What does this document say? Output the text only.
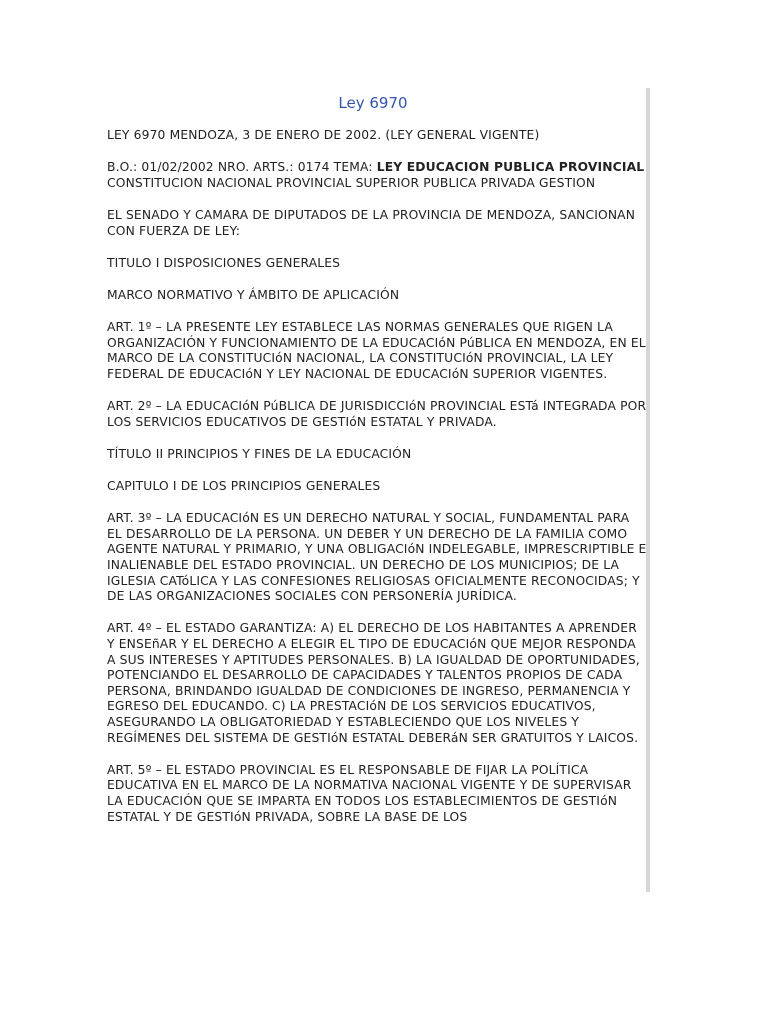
Ley 6970

LEY 6970 MENDOZA, 3 DE ENERO DE 2002. (LEY GENERAL VIGENTE)

B.O.: 01/02/2002 NRO. ARTS.: 0174 TEMA: LEY EDUCACION PUBLICA PROVINCIAL CONSTITUCION NACIONAL PROVINCIAL SUPERIOR PUBLICA PRIVADA GESTION

EL SENADO Y CAMARA DE DIPUTADOS DE LA PROVINCIA DE MENDOZA, SANCIONAN CON FUERZA DE LEY:

TITULO I DISPOSICIONES GENERALES

MARCO NORMATIVO Y ÁMBITO DE APLICACIÓN

ART. 1º – LA PRESENTE LEY ESTABLECE LAS NORMAS GENERALES QUE RIGEN LA ORGANIZACIÓN Y FUNCIONAMIENTO DE LA EDUCACIóN PúBLICA EN MENDOZA, EN EL MARCO DE LA CONSTITUCIóN NACIONAL, LA CONSTITUCIóN PROVINCIAL, LA LEY FEDERAL DE EDUCACIóN Y LEY NACIONAL DE EDUCACIóN SUPERIOR VIGENTES.

ART. 2º – LA EDUCACIóN PúBLICA DE JURISDICCIóN PROVINCIAL ESTá INTEGRADA POR LOS SERVICIOS EDUCATIVOS DE GESTIóN ESTATAL Y PRIVADA.

TÍTULO II PRINCIPIOS Y FINES DE LA EDUCACIÓN

CAPITULO I DE LOS PRINCIPIOS GENERALES

ART. 3º – LA EDUCACIóN ES UN DERECHO NATURAL Y SOCIAL, FUNDAMENTAL PARA EL DESARROLLO DE LA PERSONA. UN DEBER Y UN DERECHO DE LA FAMILIA COMO AGENTE NATURAL Y PRIMARIO, Y UNA OBLIGACIóN INDELEGABLE, IMPRESCRIPTIBLE E INALIENABLE DEL ESTADO PROVINCIAL. UN DERECHO DE LOS MUNICIPIOS; DE LA IGLESIA CATóLICA Y LAS CONFESIONES RELIGIOSAS OFICIALMENTE RECONOCIDAS; Y DE LAS ORGANIZACIONES SOCIALES CON PERSONERÍA JURÍDICA.

ART. 4º – EL ESTADO GARANTIZA: A) EL DERECHO DE LOS HABITANTES A APRENDER Y ENSEñAR Y EL DERECHO A ELEGIR EL TIPO DE EDUCACIóN QUE MEJOR RESPONDA A SUS INTERESES Y APTITUDES PERSONALES. B) LA IGUALDAD DE OPORTUNIDADES, POTENCIANDO EL DESARROLLO DE CAPACIDADES Y TALENTOS PROPIOS DE CADA PERSONA, BRINDANDO IGUALDAD DE CONDICIONES DE INGRESO, PERMANENCIA Y EGRESO DEL EDUCANDO. C) LA PRESTACIóN DE LOS SERVICIOS EDUCATIVOS, ASEGURANDO LA OBLIGATORIEDAD Y ESTABLECIENDO QUE LOS NIVELES Y REGÍMENES DEL SISTEMA DE GESTIóN ESTATAL DEBERáN SER GRATUITOS Y LAICOS.

ART. 5º – EL ESTADO PROVINCIAL ES EL RESPONSABLE DE FIJAR LA POLÍTICA EDUCATIVA EN EL MARCO DE LA NORMATIVA NACIONAL VIGENTE Y DE SUPERVISAR LA EDUCACIÓN QUE SE IMPARTA EN TODOS LOS ESTABLECIMIENTOS DE GESTIóN ESTATAL Y DE GESTIóN PRIVADA, SOBRE LA BASE DE LOS
